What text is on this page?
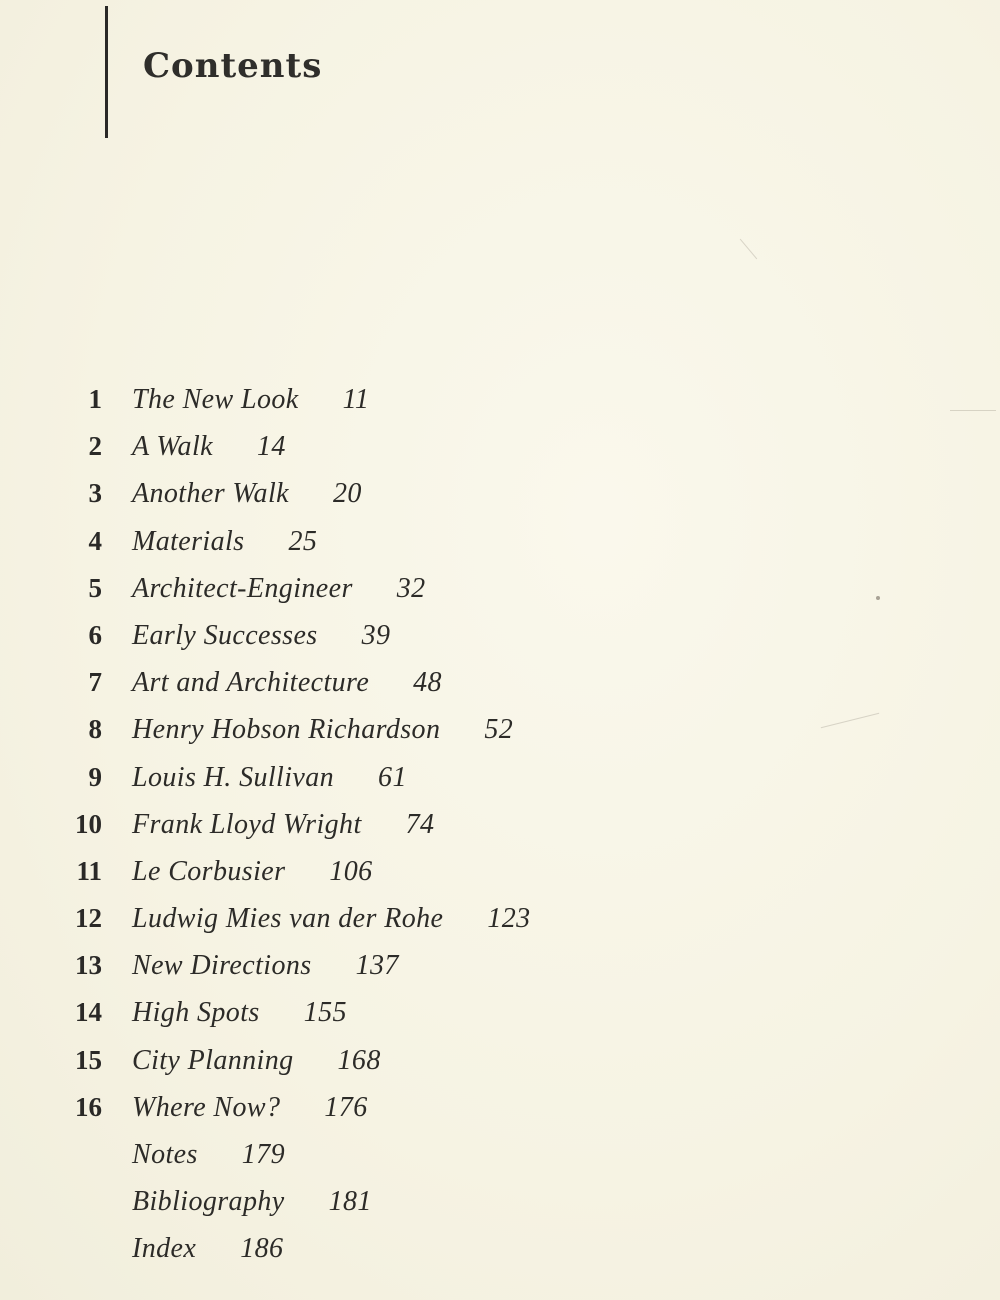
Contents
1 The New Look 11
2 A Walk 14
3 Another Walk 20
4 Materials 25
5 Architect-Engineer 32
6 Early Successes 39
7 Art and Architecture 48
8 Henry Hobson Richardson 52
9 Louis H. Sullivan 61
10 Frank Lloyd Wright 74
11 Le Corbusier 106
12 Ludwig Mies van der Rohe 123
13 New Directions 137
14 High Spots 155
15 City Planning 168
16 Where Now? 176
Notes 179
Bibliography 181
Index 186
